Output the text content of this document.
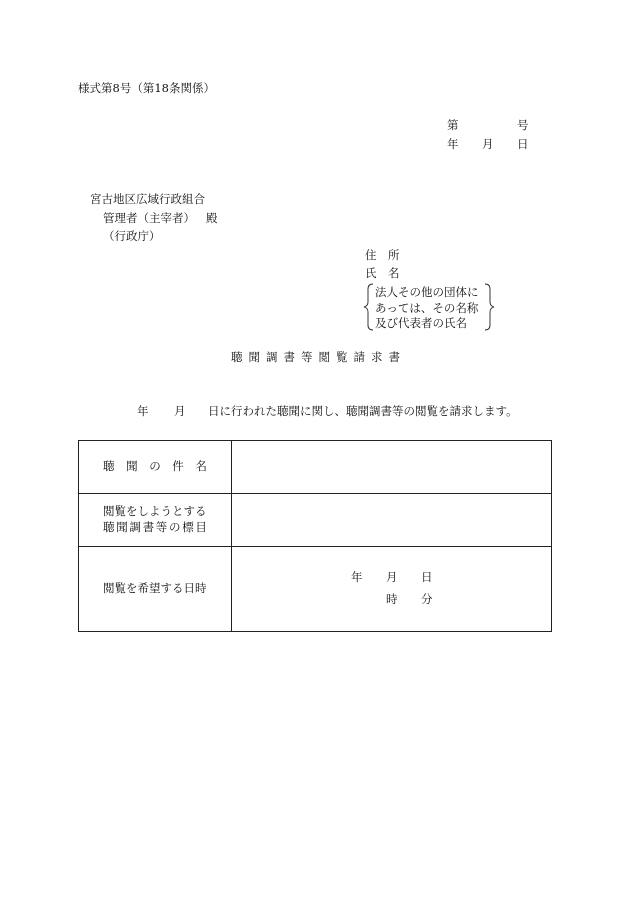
様式第8号（第18条関係）
第	号
年 月 日
宮古地区広域行政組合
管理者（主宰者） 殿
（行政庁）
住　所
氏　名
法人その他の団体に
あっては、その名称
及び代表者の氏名
聴聞調書等閲覧請求書
年 月 日に行われた聴聞に関し、聴聞調書等の閲覧を請求します。
聴聞の件名
閲覧をしようとする
聴聞調書等の標目
閲覧を希望する日時
年 月 日
時 分
